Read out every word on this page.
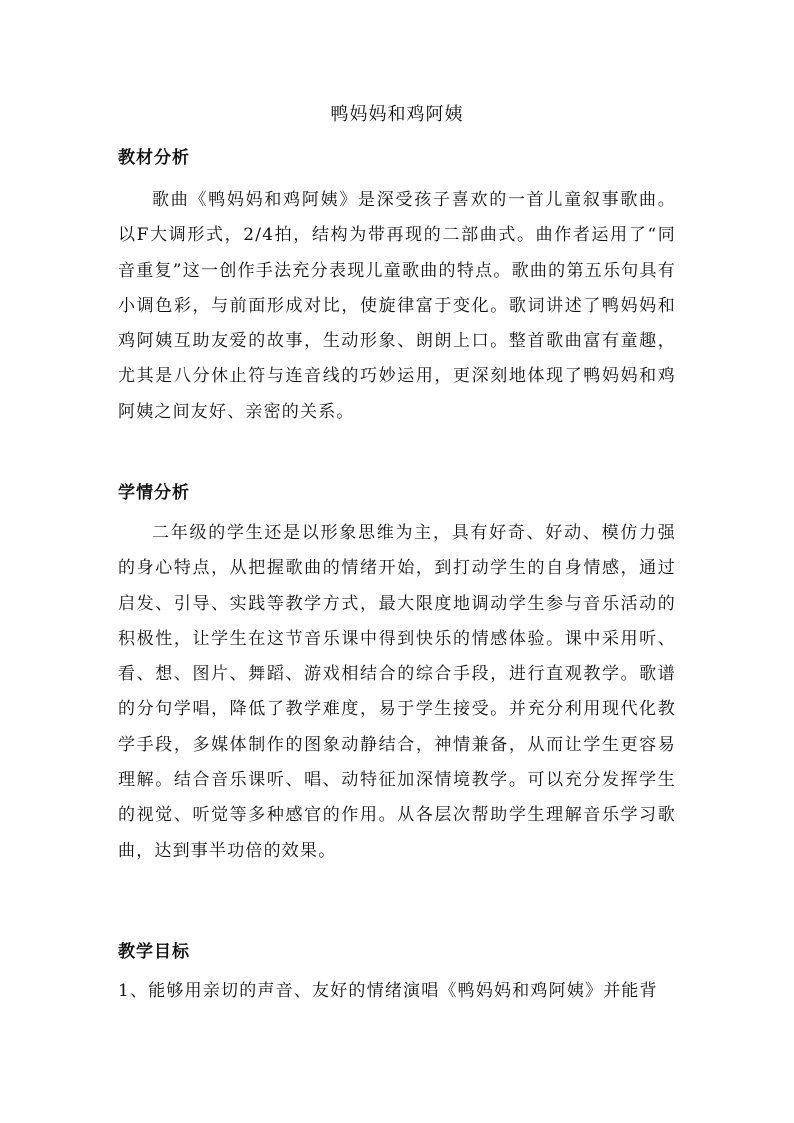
鸭妈妈和鸡阿姨
教材分析

歌曲《鸭妈妈和鸡阿姨》是深受孩子喜欢的一首儿童叙事歌曲。以F大调形式，2/4拍，结构为带再现的二部曲式。曲作者运用了“同音重复”这一创作手法充分表现儿童歌曲的特点。歌曲的第五乐句具有小调色彩，与前面形成对比，使旋律富于变化。歌词讲述了鸭妈妈和鸡阿姨互助友爱的故事，生动形象、朗朗上口。整首歌曲富有童趣，尤其是八分休止符与连音线的巧妙运用，更深刻地体现了鸭妈妈和鸡阿姨之间友好、亲密的关系。

学情分析

二年级的学生还是以形象思维为主，具有好奇、好动、模仿力强的身心特点，从把握歌曲的情绪开始，到打动学生的自身情感，通过启发、引导、实践等教学方式，最大限度地调动学生参与音乐活动的积极性，让学生在这节音乐课中得到快乐的情感体验。课中采用听、看、想、图片、舞蹈、游戏相结合的综合手段，进行直观教学。歌谱的分句学唱，降低了教学难度，易于学生接受。并充分利用现代化教学手段，多媒体制作的图象动静结合，神情兼备，从而让学生更容易理解。结合音乐课听、唱、动特征加深情境教学。可以充分发挥学生的视觉、听觉等多种感官的作用。从各层次帮助学生理解音乐学习歌曲，达到事半功倍的效果。

教学目标

1、能够用亲切的声音、友好的情绪演唱《鸭妈妈和鸡阿姨》并能背
